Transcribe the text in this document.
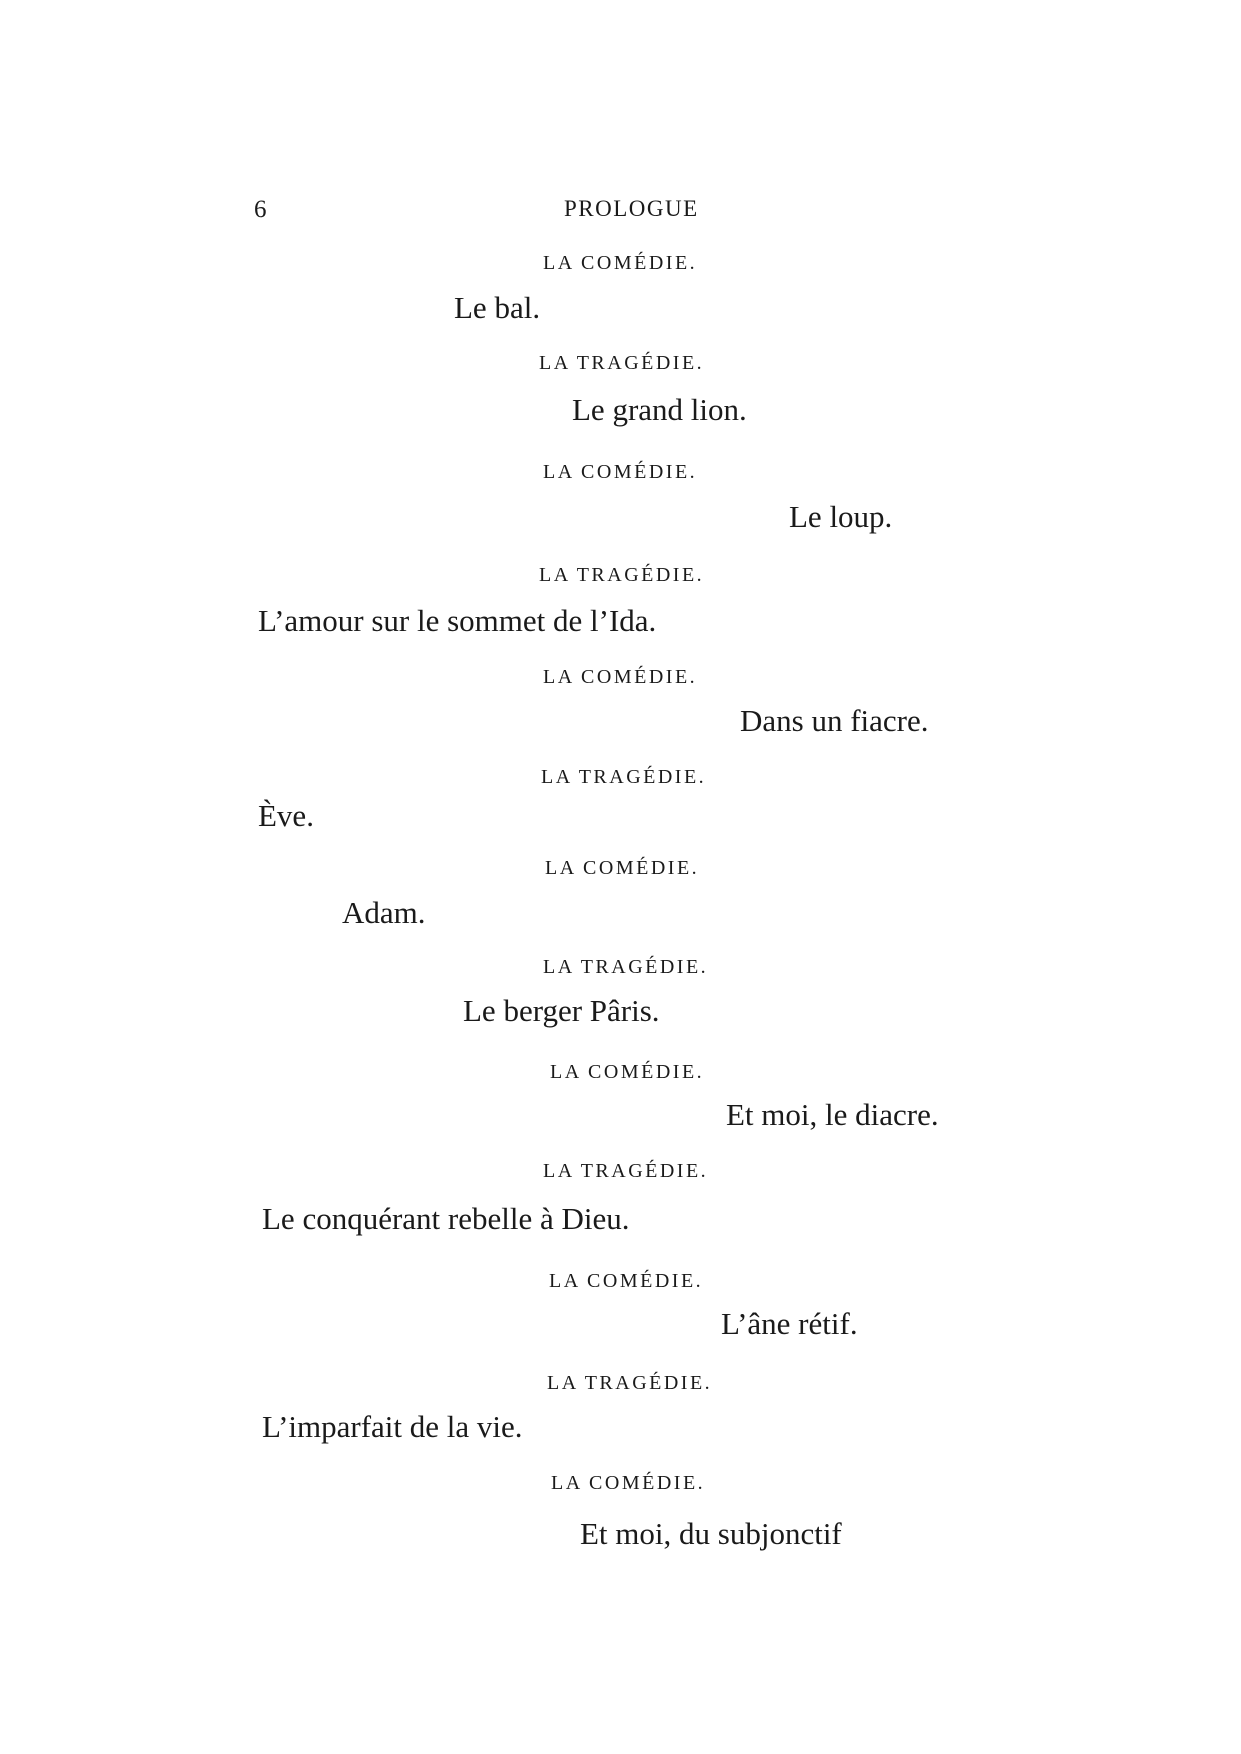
6	PROLOGUE
LA COMÉDIE.
Le bal.
LA TRAGÉDIE.
Le grand lion.
LA COMÉDIE.
Le loup.
LA TRAGÉDIE.
L’amour sur le sommet de l’Ida.
LA COMÉDIE.
Dans un fiacre.
LA TRAGÉDIE.
Ève.
LA COMÉDIE.
Adam.
LA TRAGÉDIE.
Le berger Pâris.
LA COMÉDIE.
Et moi, le diacre.
LA TRAGÉDIE.
Le conquérant rebelle à Dieu.
LA COMÉDIE.
L’âne rétif.
LA TRAGÉDIE.
L’imparfait de la vie.
LA COMÉDIE.
Et moi, du subjonctif
